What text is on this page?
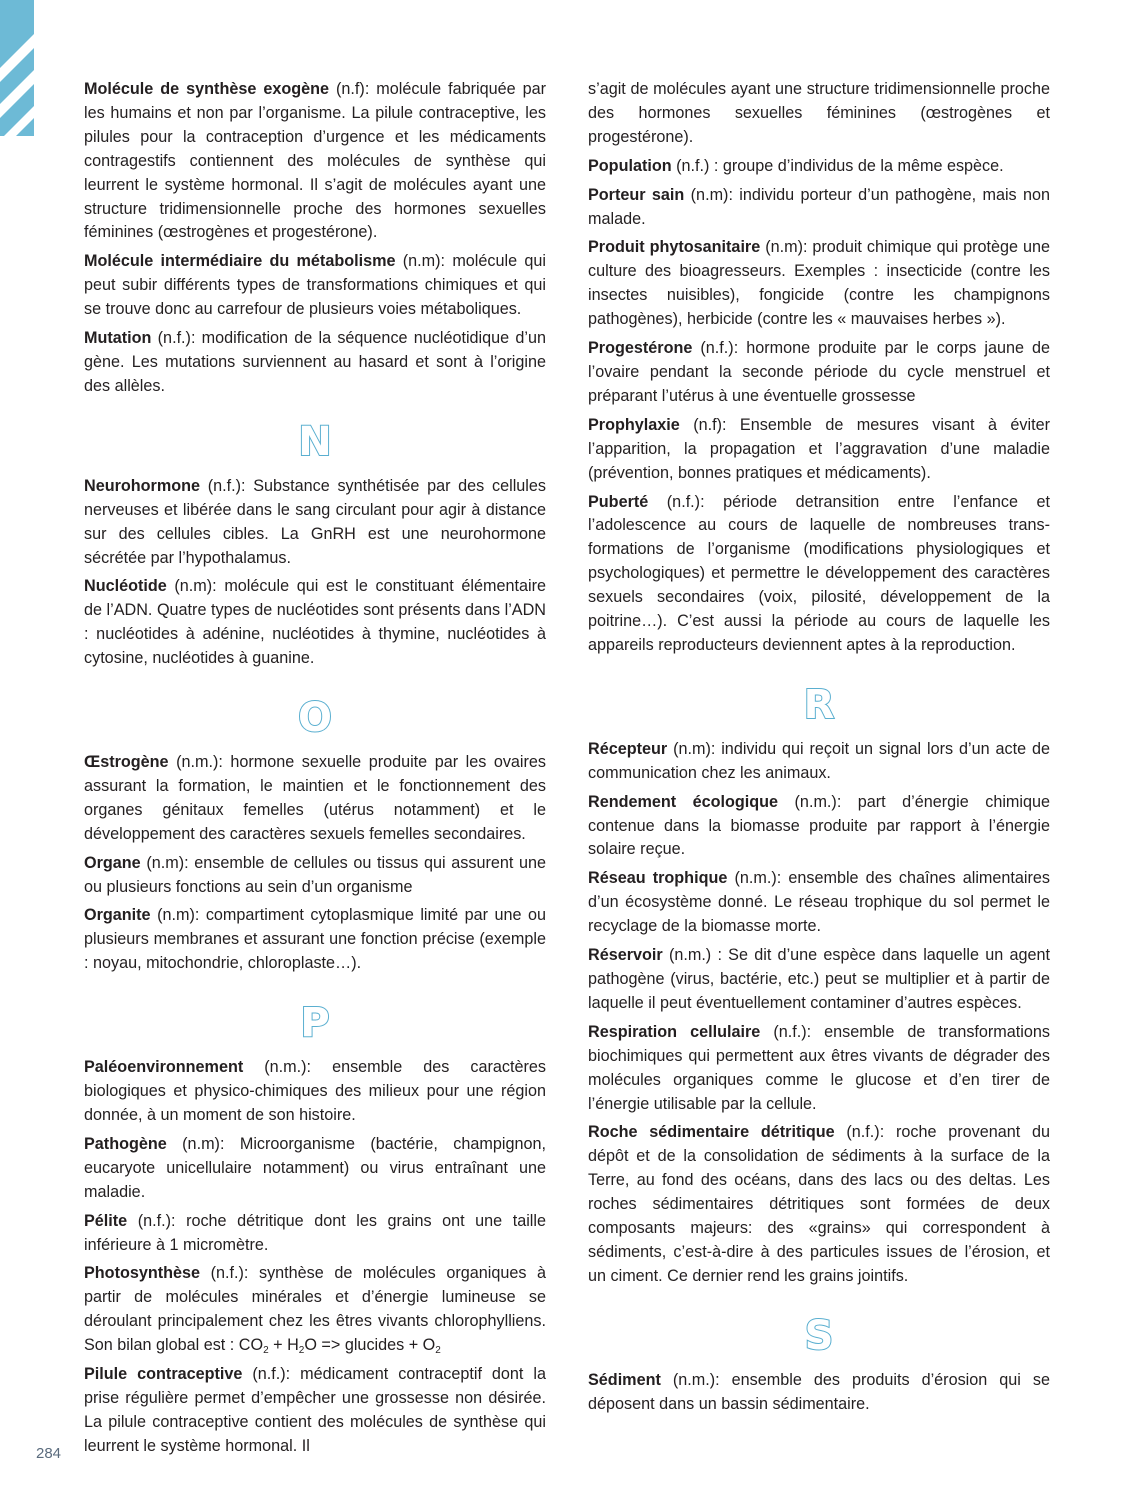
Molécule de synthèse exogène (n.f): molécule fabriquée par les humains et non par l’organisme. La pilule contraceptive, les pilules pour la contraception d’urgence et les médicaments contragestifs contiennent des molécules de synthèse qui leurrent le système hormonal. Il s’agit de molécules ayant une structure tridimensionnelle proche des hormones sexuelles féminines (œstrogènes et progestérone).

Molécule intermédiaire du métabolisme (n.m): molécule qui peut subir différents types de transformations chimiques et qui se trouve donc au carrefour de plusieurs voies métaboliques.

Mutation (n.f.): modification de la séquence nucléotidique d’un gène. Les mutations surviennent au hasard et sont à l’origine des allèles.

N

Neurohormone (n.f.): Substance synthétisée par des cellules nerveuses et libérée dans le sang circulant pour agir à distance sur des cellules cibles. La GnRH est une neurohormone sécrétée par l’hypothalamus.

Nucléotide (n.m): molécule qui est le constituant élémentaire de l’ADN. Quatre types de nucléotides sont présents dans l’ADN : nucléotides à adénine, nucléotides à thymine, nucléotides à cytosine, nucléotides à guanine.

O

Œstrogène (n.m.): hormone sexuelle produite par les ovaires assurant la formation, le maintien et le fonctionnement des organes génitaux femelles (utérus notamment) et le développement des caractères sexuels femelles secondaires.

Organe (n.m): ensemble de cellules ou tissus qui assurent une ou plusieurs fonctions au sein d’un organisme

Organite (n.m): compartiment cytoplasmique limité par une ou plusieurs membranes et assurant une fonction précise (exemple : noyau, mitochondrie, chloroplaste…).

P

Paléoenvironnement (n.m.): ensemble des caractères biologiques et physico-chimiques des milieux pour une région donnée, à un moment de son histoire.

Pathogène (n.m): Microorganisme (bactérie, champignon, eucaryote unicellulaire notamment) ou virus entraînant une maladie.

Pélite (n.f.): roche détritique dont les grains ont une taille inférieure à 1 micromètre.

Photosynthèse (n.f.): synthèse de molécules organiques à partir de molécules minérales et d’énergie lumineuse se déroulant principalement chez les êtres vivants chlorophylliens. Son bilan global est : $CO_2 + H_2O$ => glucides + $O_2$

Pilule contraceptive (n.f.): médicament contraceptif dont la prise régulière permet d’empêcher une grossesse non désirée. La pilule contraceptive contient des molécules de synthèse qui leurrent le système hormonal. Il

s’agit de molécules ayant une structure tridimensionnelle proche des hormones sexuelles féminines (œstrogènes et progestérone).

Population (n.f.) : groupe d’individus de la même espèce.

Porteur sain (n.m): individu porteur d’un pathogène, mais non malade.

Produit phytosanitaire (n.m): produit chimique qui protège une culture des bioagresseurs. Exemples : insecticide (contre les insectes nuisibles), fongicide (contre les champignons pathogènes), herbicide (contre les « mauvaises herbes »).

Progestérone (n.f.): hormone produite par le corps jaune de l’ovaire pendant la seconde période du cycle menstruel et préparant l’utérus à une éventuelle grossesse

Prophylaxie (n.f): Ensemble de mesures visant à éviter l’apparition, la propagation et l’aggravation d’une maladie (prévention, bonnes pratiques et médicaments).

Puberté (n.f.): période detransition entre l’enfance et l’adolescence au cours de laquelle de nombreuses transformations de l’organisme (modifications physiologiques et psychologiques) et permettre le développement des caractères sexuels secondaires (voix, pilosité, développement de la poitrine…). C’est aussi la période au cours de laquelle les appareils reproducteurs deviennent aptes à la reproduction.

R

Récepteur (n.m): individu qui reçoit un signal lors d’un acte de communication chez les animaux.

Rendement écologique (n.m.): part d’énergie chimique contenue dans la biomasse produite par rapport à l’énergie solaire reçue.

Réseau trophique (n.m.): ensemble des chaînes alimentaires d’un écosystème donné. Le réseau trophique du sol permet le recyclage de la biomasse morte.

Réservoir (n.m.) : Se dit d’une espèce dans laquelle un agent pathogène (virus, bactérie, etc.) peut se multiplier et à partir de laquelle il peut éventuellement contaminer d’autres espèces.

Respiration cellulaire (n.f.): ensemble de transformations biochimiques qui permettent aux êtres vivants de dégrader des molécules organiques comme le glucose et d’en tirer de l’énergie utilisable par la cellule.

Roche sédimentaire détritique (n.f.): roche provenant du dépôt et de la consolidation de sédiments à la surface de la Terre, au fond des océans, dans des lacs ou des deltas. Les roches sédimentaires détritiques sont formées de deux composants majeurs: des «grains» qui correspondent à sédiments, c’est-à-dire à des particules issues de l’érosion, et un ciment. Ce dernier rend les grains jointifs.

S

Sédiment (n.m.): ensemble des produits d’érosion qui se déposent dans un bassin sédimentaire.

284
